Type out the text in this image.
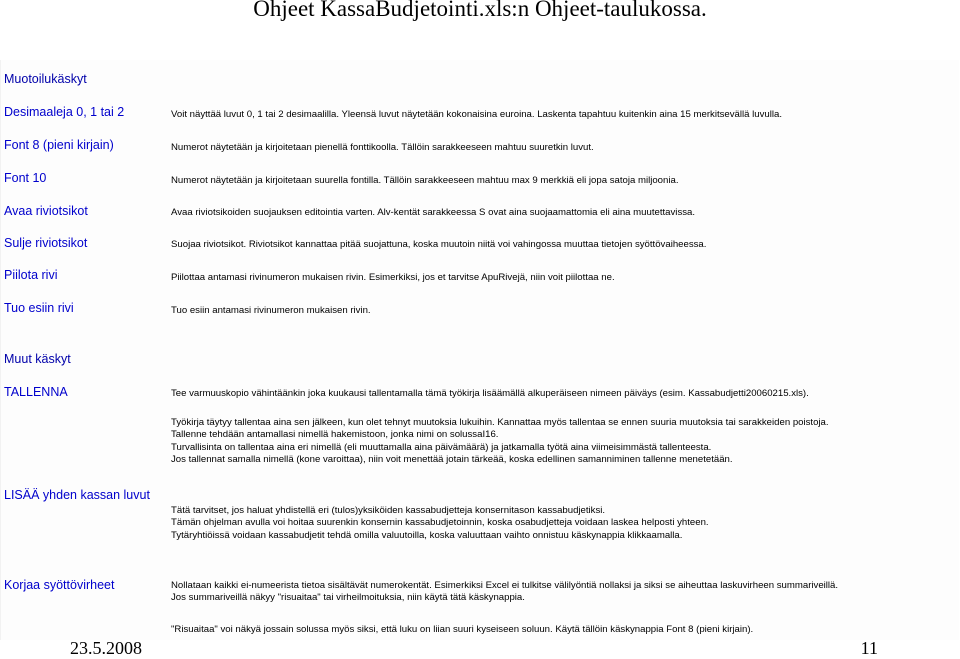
Ohjeet KassaBudjetointi.xls:n Ohjeet-taulukossa.
Muotoilukäskyt
Desimaaleja 0, 1 tai 2	Voit näyttää luvut 0, 1 tai 2 desimaalilla. Yleensä luvut näytetään kokonaisina euroina. Laskenta tapahtuu kuitenkin aina 15 merkitsevällä luvulla.
Font 8 (pieni kirjain)	Numerot näytetään ja kirjoitetaan pienellä fonttikoolla. Tällöin sarakkeeseen mahtuu suuretkin luvut.
Font 10	Numerot näytetään ja kirjoitetaan suurella fontilla. Tällöin sarakkeeseen mahtuu max 9 merkkiä eli jopa satoja miljoonia.
Avaa riviotsikot	Avaa riviotsikoiden suojauksen editointia varten. Alv-kentät sarakkeessa S ovat aina suojaamattomia eli aina muutettavissa.
Sulje riviotsikot	Suojaa riviotsikot. Riviotsikot kannattaa pitää suojattuna, koska muutoin niitä voi vahingossa muuttaa tietojen syöttövaiheessa.
Piilota rivi	Piilottaa antamasi rivinumeron mukaisen rivin. Esimerkiksi, jos et tarvitse ApuRivejä, niin voit piilottaa ne.
Tuo esiin rivi	Tuo esiin antamasi rivinumeron mukaisen rivin.
Muut käskyt
TALLENNA	Tee varmuuskopio vähintäänkin joka kuukausi tallentamalla tämä työkirja lisäämällä alkuperäiseen nimeen päiväys (esim. Kassabudjetti20060215.xls).
Työkirja täytyy tallentaa aina sen jälkeen, kun olet tehnyt muutoksia lukuihin. Kannattaa myös tallentaa se ennen suuria muutoksia tai sarakkeiden poistoja.
Tallenne tehdään antamallasi nimellä hakemistoon, jonka nimi on solussaI16.
Turvallisinta on tallentaa aina eri nimellä (eli muuttamalla aina päivämäärä) ja jatkamalla työtä aina viimeisimmästä tallenteesta.
Jos tallennat samalla nimellä (kone varoittaa), niin voit menettää jotain tärkeää, koska edellinen samanniminen tallenne menetetään.
LISÄÄ yhden kassan luvut
Tätä tarvitset, jos haluat yhdistellä eri (tulos)yksiköiden kassabudjetteja konsernitason kassabudjetiksi.
Tämän ohjelman avulla voi hoitaa suurenkin konsernin kassabudjetoinnin, koska osabudjetteja voidaan laskea helposti yhteen.
Tytäryhtiöissä voidaan kassabudjetit tehdä omilla valuutoilla, koska valuuttaan vaihto onnistuu käskynappia klikkaamalla.
Korjaa syöttövirheet	Nollataan kaikki ei-numeerista tietoa sisältävät numerokentät. Esimerkiksi Excel ei tulkitse välilyöntiä nollaksi ja siksi se aiheuttaa laskuvirheen summariveillä.
Jos summariveillä näkyy "risuaitaa" tai virheilmoituksia, niin käytä tätä käskynappia.
"Risuaitaa" voi näkyä jossain solussa myös siksi, että luku on liian suuri kyseiseen soluun. Käytä tällöin käskynappia Font 8 (pieni kirjain).
23.5.2008	11
